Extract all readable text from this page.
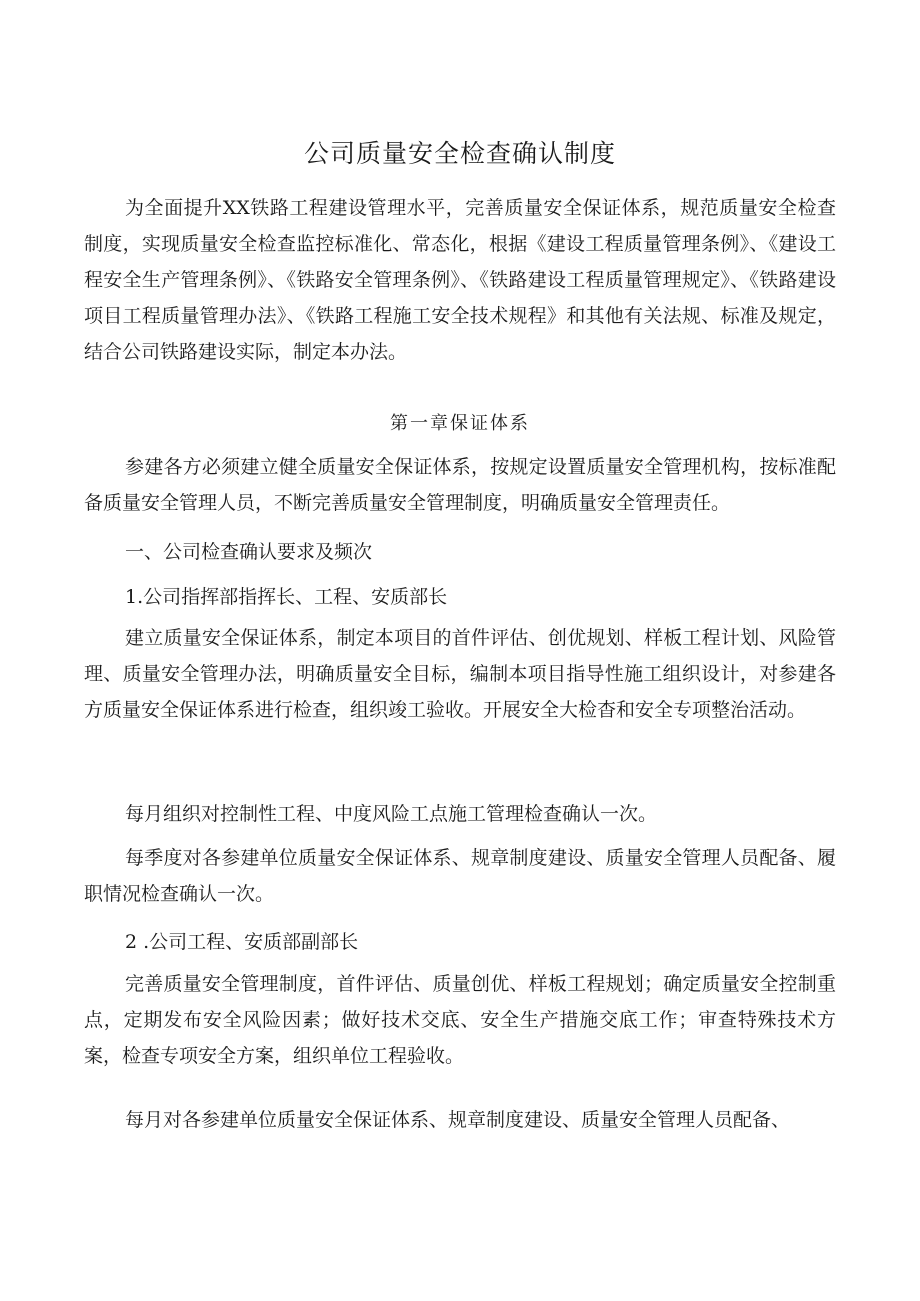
公司质量安全检查确认制度

为全面提升XX铁路工程建设管理水平，完善质量安全保证体系，规范质量安全检查制度，实现质量安全检查监控标准化、常态化，根据《建设工程质量管理条例》、《建设工程安全生产管理条例》、《铁路安全管理条例》、《铁路建设工程质量管理规定》、《铁路建设项目工程质量管理办法》、《铁路工程施工安全技术规程》和其他有关法规、标准及规定，结合公司铁路建设实际，制定本办法。

第一章保证体系

参建各方必须建立健全质量安全保证体系，按规定设置质量安全管理机构，按标准配备质量安全管理人员，不断完善质量安全管理制度，明确质量安全管理责任。

一、公司检查确认要求及频次

1.公司指挥部指挥长、工程、安质部长

建立质量安全保证体系，制定本项目的首件评估、创优规划、样板工程计划、风险管理、质量安全管理办法，明确质量安全目标，编制本项目指导性施工组织设计，对参建各方质量安全保证体系进行检查，组织竣工验收。开展安全大检杳和安全专项整治活动。

每月组织对控制性工程、中度风险工点施工管理检查确认一次。

每季度对各参建单位质量安全保证体系、规章制度建设、质量安全管理人员配备、履职情况检查确认一次。

2 .公司工程、安质部副部长

完善质量安全管理制度，首件评估、质量创优、样板工程规划；确定质量安全控制重点，定期发布安全风险因素；做好技术交底、安全生产措施交底工作；审查特殊技术方案，检查专项安全方案，组织单位工程验收。

每月对各参建单位质量安全保证体系、规章制度建设、质量安全管理人员配备、
